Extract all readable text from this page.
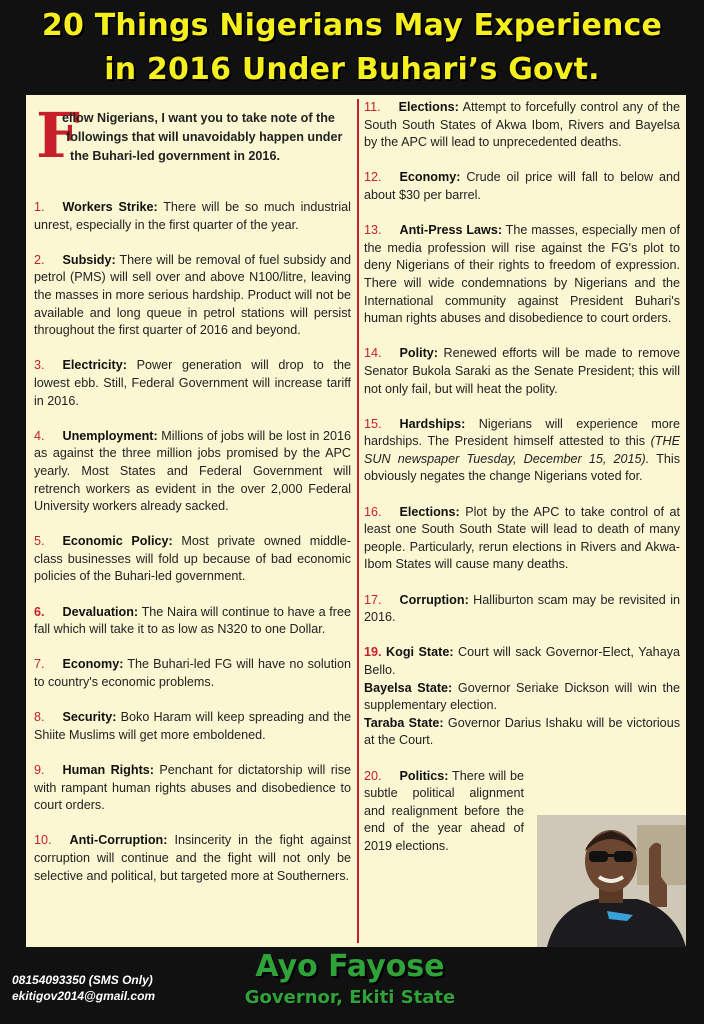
20 Things Nigerians May Experience
in 2016 Under Buhari’s Govt.
F
ellow Nigerians, I want you to take note of the
followings that will unavoidably happen under
the Buhari-led government in 2016.

1. Workers Strike: There will be so much industrial unrest, especially in the first quarter of the year.

2. Subsidy: There will be removal of fuel subsidy and petrol (PMS) will sell over and above N100/litre, leaving the masses in more serious hardship. Product will not be available and long queue in petrol stations will persist throughout the first quarter of 2016 and beyond.

3. Electricity: Power generation will drop to the lowest ebb. Still, Federal Government will increase tariff in 2016.

4. Unemployment: Millions of jobs will be lost in 2016 as against the three million jobs promised by the APC yearly. Most States and Federal Government will retrench workers as evident in the over 2,000 Federal University workers already sacked.

5. Economic Policy: Most private owned middle-class businesses will fold up because of bad economic policies of the Buhari-led government.

6. Devaluation: The Naira will continue to have a free fall which will take it to as low as N320 to one Dollar.

7. Economy: The Buhari-led FG will have no solution to country's economic problems.

8. Security: Boko Haram will keep spreading and the Shiite Muslims will get more emboldened.

9. Human Rights: Penchant for dictatorship will rise with rampant human rights abuses and disobedience to court orders.

10. Anti-Corruption: Insincerity in the fight against corruption will continue and the fight will not only be selective and political, but targeted more at Southerners.

11. Elections: Attempt to forcefully control any of the South South States of Akwa Ibom, Rivers and Bayelsa by the APC will lead to unprecedented deaths.

12. Economy: Crude oil price will fall to below and about $30 per barrel.

13. Anti-Press Laws: The masses, especially men of the media profession will rise against the FG's plot to deny Nigerians of their rights to freedom of expression. There will wide condemnations by Nigerians and the International community against President Buhari's human rights abuses and disobedience to court orders.

14. Polity: Renewed efforts will be made to remove Senator Bukola Saraki as the Senate President; this will not only fail, but will heat the polity.

15. Hardships: Nigerians will experience more hardships. The President himself attested to this (THE SUN newspaper Tuesday, December 15, 2015). This obviously negates the change Nigerians voted for.

16. Elections: Plot by the APC to take control of at least one South South State will lead to death of many people. Particularly, rerun elections in Rivers and Akwa-Ibom States will cause many deaths.

17. Corruption: Halliburton scam may be revisited in 2016.

19. Kogi State: Court will sack Governor-Elect, Yahaya Bello.

Bayelsa State: Governor Seriake Dickson will win the supplementary election.

Taraba State: Governor Darius Ishaku will be victorious at the Court.

20. Politics: There will be subtle political alignment and realignment before the end of the year ahead of 2019 elections.

Ayo Fayose
Governor, Ekiti State
08154093350 (SMS Only)
ekitigov2014@gmail.com
